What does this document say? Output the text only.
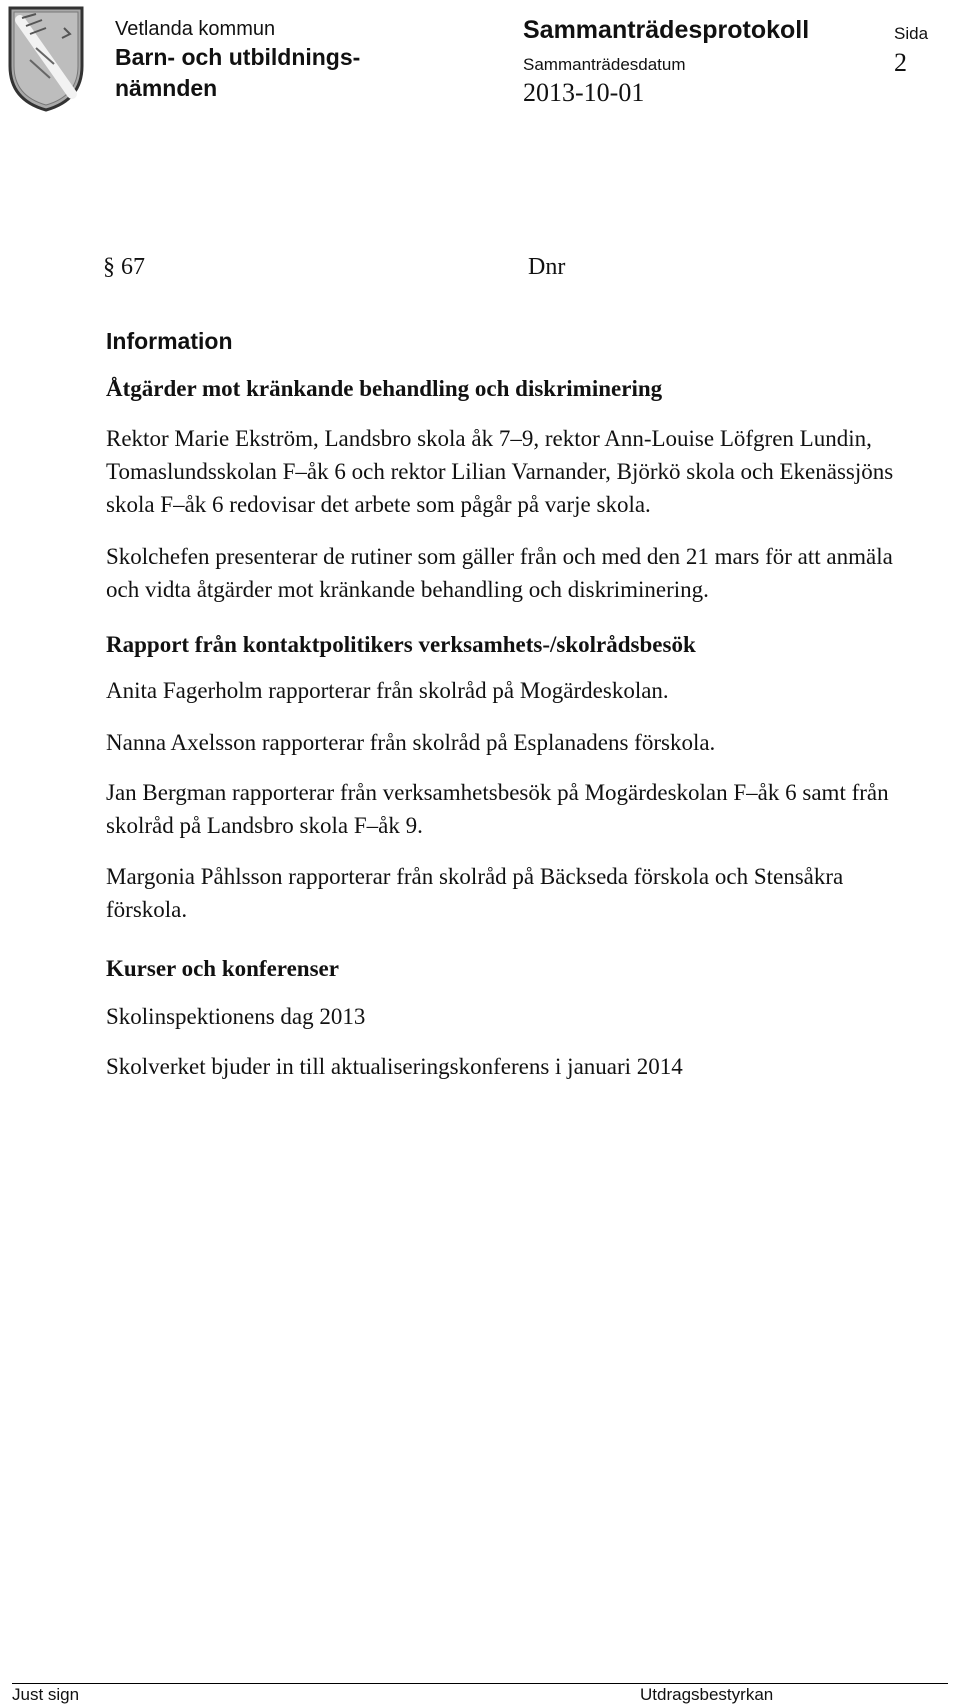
Vetlanda kommun
Barn- och utbildnings-
nämnden
Sammanträdesprotokoll	Sida
2
Sammanträdesdatum
2013-10-01
§ 67	Dnr
Information
Åtgärder mot kränkande behandling och diskriminering
Rektor Marie Ekström, Landsbro skola åk 7–9, rektor Ann-Louise Löfgren Lundin, Tomaslundsskolan F–åk 6 och rektor Lilian Varnander, Björkö skola och Ekenässjöns skola F–åk 6 redovisar det arbete som pågår på varje skola.
Skolchefen presenterar de rutiner som gäller från och med den 21 mars för att anmäla och vidta åtgärder mot kränkande behandling och diskriminering.
Rapport från kontaktpolitikers verksamhets-/skolrådsbesök
Anita Fagerholm rapporterar från skolråd på Mogärdeskolan.
Nanna Axelsson rapporterar från skolråd på Esplanadens förskola.
Jan Bergman rapporterar från verksamhetsbesök på Mogärdeskolan F–åk 6 samt från skolråd på Landsbro skola F–åk 9.
Margonia Påhlsson rapporterar från skolråd på Bäckseda förskola och Stensåkra förskola.
Kurser och konferenser
Skolinspektionens dag 2013
Skolverket bjuder in till aktualiseringskonferens i januari 2014
Just sign	Utdragsbestyrkan
